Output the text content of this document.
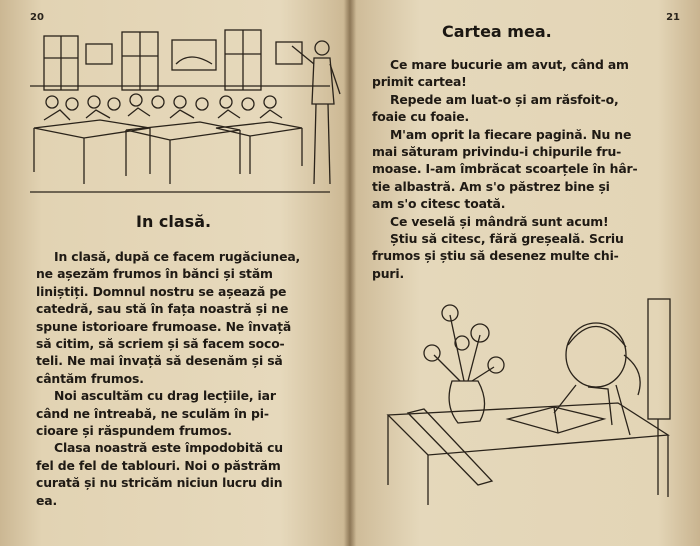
20
In clasă.

In clasă, după ce facem rugăciunea,
ne așezăm frumos în bănci și stăm
liniștiți. Domnul nostru se așează pe
catedră, sau stă în fața noastră și ne
spune istorioare frumoase. Ne învață
să citim, să scriem și să facem soco-
teli. Ne mai învață să desenăm și să
cântăm frumos.
Noi ascultăm cu drag lecțiile, iar
când ne întreabă, ne sculăm în pi-
cioare și răspundem frumos.
Clasa noastră este împodobită cu
fel de fel de tablouri. Noi o păstrăm
curată și nu stricăm niciun lucru din
ea.

21
Cartea mea.

Ce mare bucurie am avut, când am
primit cartea!
Repede am luat-o și am răsfoit-o,
foaie cu foaie.
M'am oprit la fiecare pagină. Nu ne
mai săturam privindu-i chipurile fru-
moase. I-am îmbrăcat scoarțele în hâr-
tie albastră. Am s'o păstrez bine și
am s'o citesc toată.
Ce veselă și mândră sunt acum!
Știu să citesc, fără greșeală. Scriu
frumos și știu să desenez multe chi-
puri.
